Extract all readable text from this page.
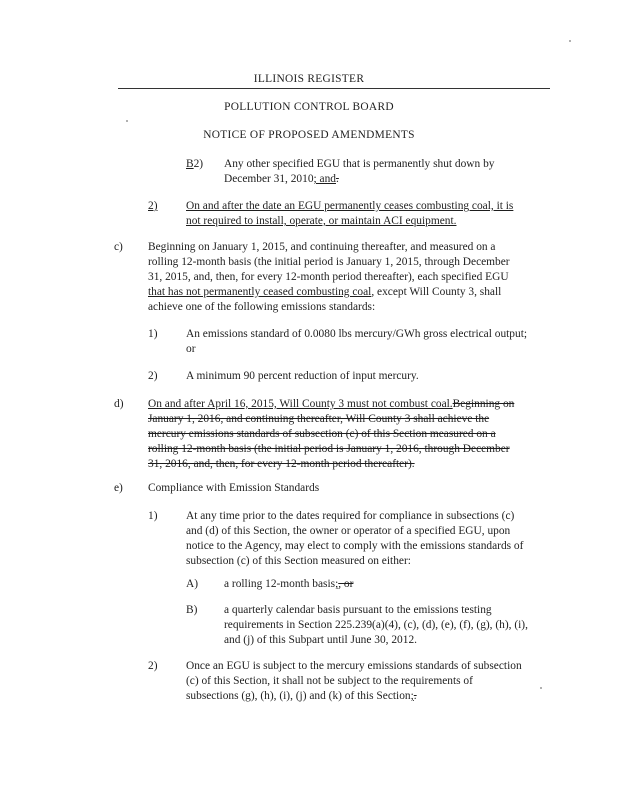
ILLINOIS REGISTER
POLLUTION CONTROL BOARD
NOTICE OF PROPOSED AMENDMENTS
B2) Any other specified EGU that is permanently shut down by
December 31, 2010; and.
2)	On and after the date an EGU permanently ceases combusting coal, it is
not required to install, operate, or maintain ACI equipment.
c) Beginning on January 1, 2015, and continuing thereafter, and measured on a
rolling 12-month basis (the initial period is January 1, 2015, through December
31, 2015, and, then, for every 12-month period thereafter), each specified EGU
that has not permanently ceased combusting coal, except Will County 3, shall
achieve one of the following emissions standards:
1)	An emissions standard of 0.0080 lbs mercury/GWh gross electrical output;
or
2)	A minimum 90 percent reduction of input mercury.
d) On and after April 16, 2015, Will County 3 must not combust coal.Beginning on
January 1, 2016, and continuing thereafter, Will County 3 shall achieve the
mercury emissions standards of subsection (c) of this Section measured on a
rolling 12-month basis (the initial period is January 1, 2016, through December
31, 2016, and, then, for every 12-month period thereafter).
e) Compliance with Emission Standards
1)	At any time prior to the dates required for compliance in subsections (c)
and (d) of this Section, the owner or operator of a specified EGU, upon
notice to the Agency, may elect to comply with the emissions standards of
subsection (c) of this Section measured on either:
A) a rolling 12-month basis;, or
B) a quarterly calendar basis pursuant to the emissions testing
requirements in Section 225.239(a)(4), (c), (d), (e), (f), (g), (h), (i),
and (j) of this Subpart until June 30, 2012.
2)	Once an EGU is subject to the mercury emissions standards of subsection
(c) of this Section, it shall not be subject to the requirements of
subsections (g), (h), (i), (j) and (k) of this Section;.
